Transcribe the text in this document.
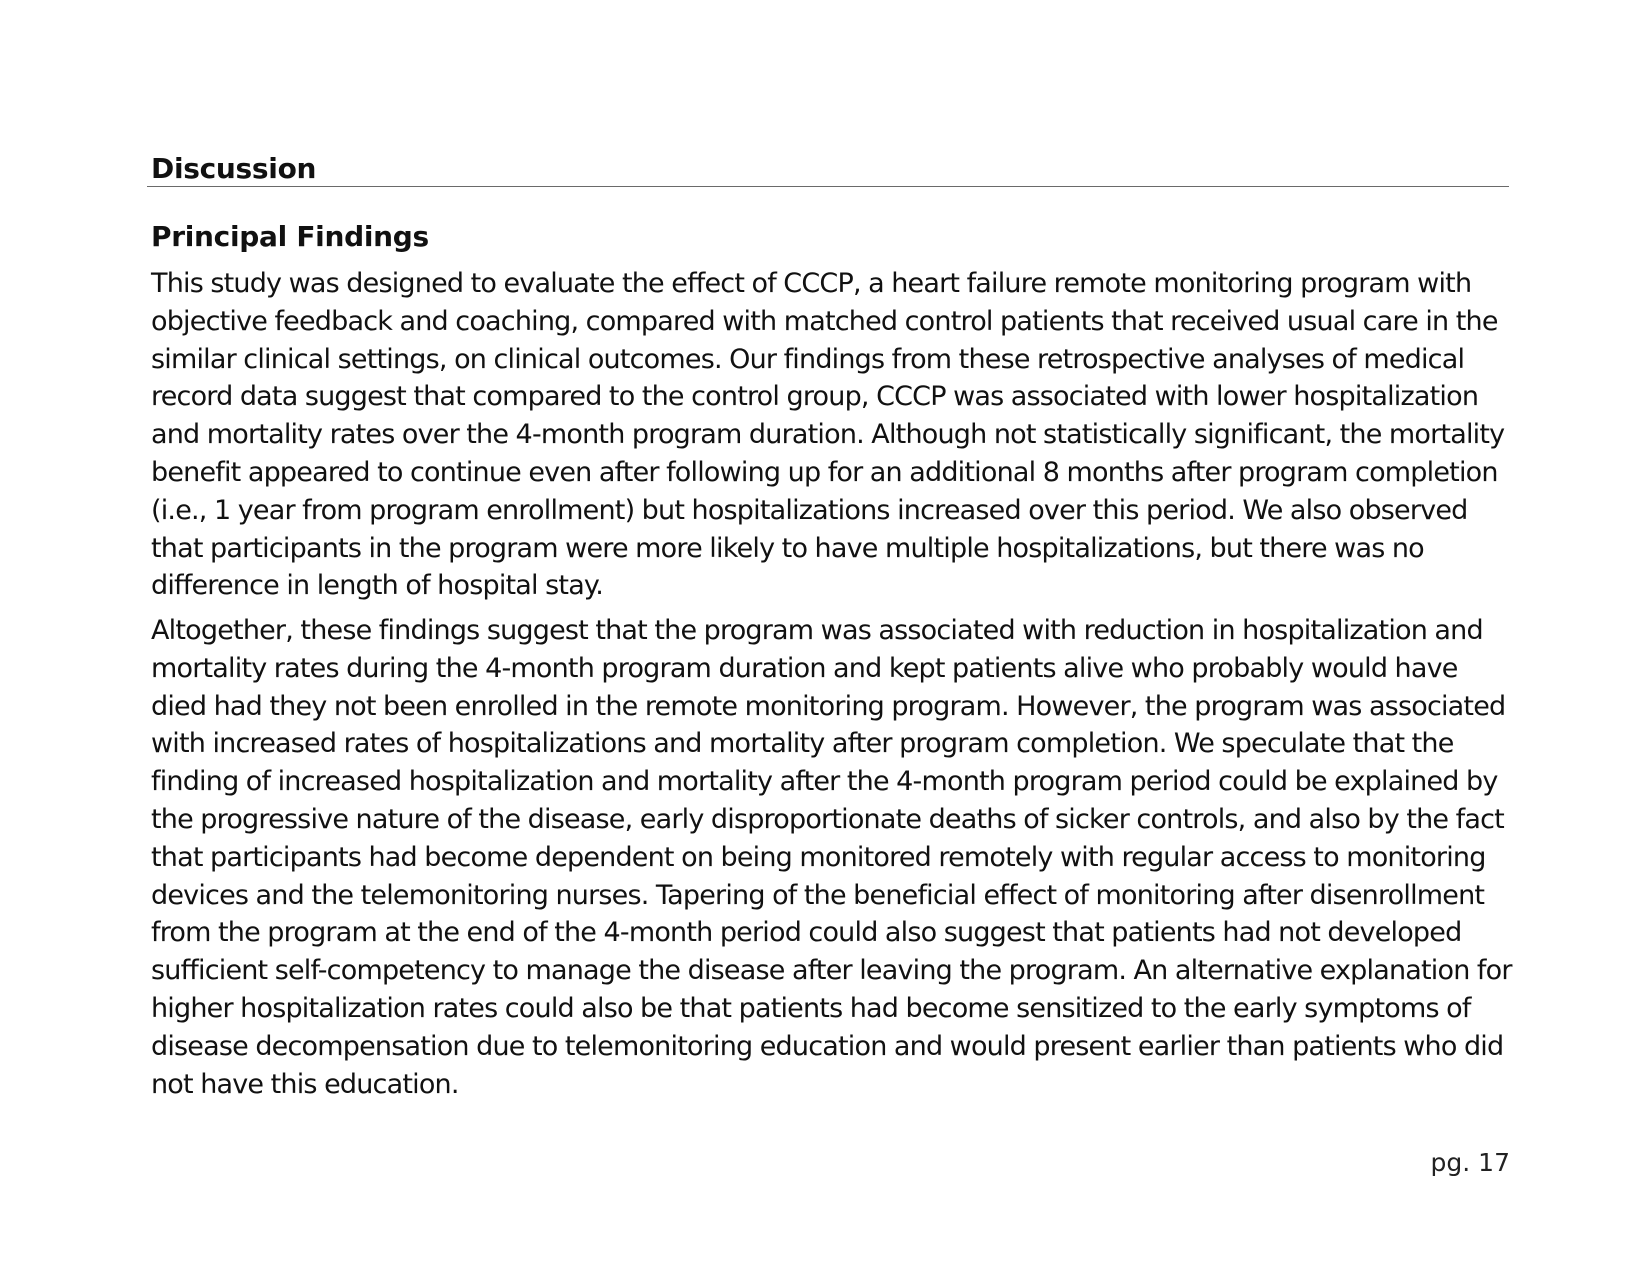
Discussion
Principal Findings

This study was designed to evaluate the effect of CCCP, a heart failure remote monitoring program with objective feedback and coaching, compared with matched control patients that received usual care in the similar clinical settings, on clinical outcomes. Our findings from these retrospective analyses of medical record data suggest that compared to the control group, CCCP was associated with lower hospitalization and mortality rates over the 4-month program duration. Although not statistically significant, the mortality benefit appeared to continue even after following up for an additional 8 months after program completion (i.e., 1 year from program enrollment) but hospitalizations increased over this period. We also observed that participants in the program were more likely to have multiple hospitalizations, but there was no difference in length of hospital stay.

Altogether, these findings suggest that the program was associated with reduction in hospitalization and mortality rates during the 4-month program duration and kept patients alive who probably would have died had they not been enrolled in the remote monitoring program. However, the program was associated with increased rates of hospitalizations and mortality after program completion. We speculate that the finding of increased hospitalization and mortality after the 4-month program period could be explained by the progressive nature of the disease, early disproportionate deaths of sicker controls, and also by the fact that participants had become dependent on being monitored remotely with regular access to monitoring devices and the telemonitoring nurses. Tapering of the beneficial effect of monitoring after disenrollment from the program at the end of the 4-month period could also suggest that patients had not developed sufficient self-competency to manage the disease after leaving the program. An alternative explanation for higher hospitalization rates could also be that patients had become sensitized to the early symptoms of disease decompensation due to telemonitoring education and would present earlier than patients who did not have this education.

pg. 17
